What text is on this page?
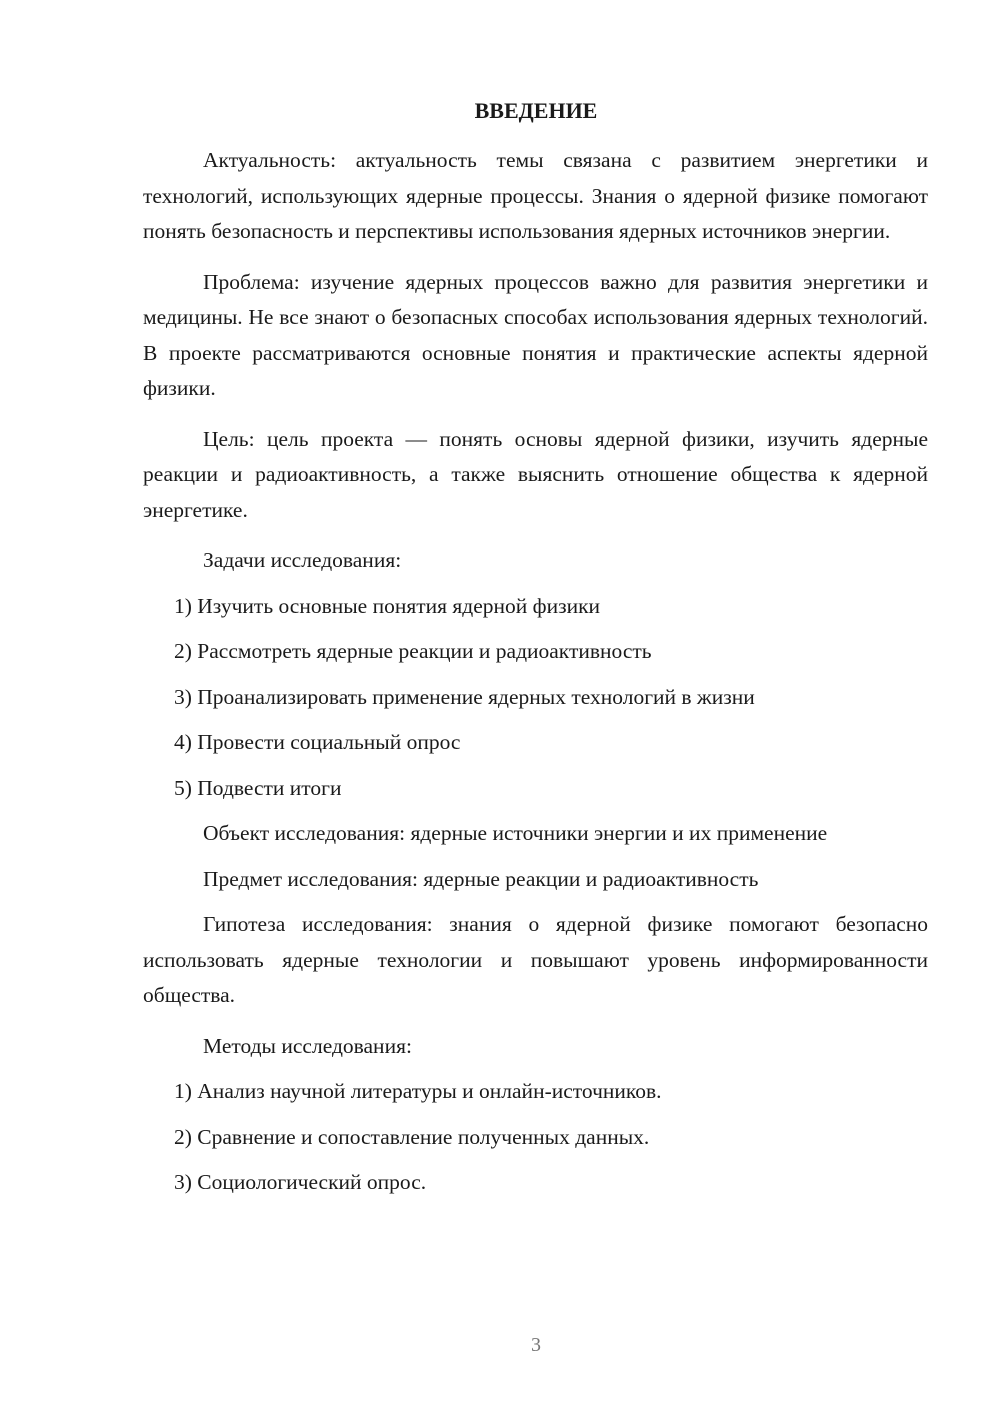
ВВЕДЕНИЕ

Актуальность: актуальность темы связана с развитием энергетики и технологий, использующих ядерные процессы. Знания о ядерной физике помогают понять безопасность и перспективы использования ядерных источников энергии.

Проблема: изучение ядерных процессов важно для развития энергетики и медицины. Не все знают о безопасных способах использования ядерных технологий. В проекте рассматриваются основные понятия и практические аспекты ядерной физики.

Цель: цель проекта — понять основы ядерной физики, изучить ядерные реакции и радиоактивность, а также выяснить отношение общества к ядерной энергетике.

Задачи исследования:

1) Изучить основные понятия ядерной физики

2) Рассмотреть ядерные реакции и радиоактивность

3) Проанализировать применение ядерных технологий в жизни

4) Провести социальный опрос

5) Подвести итоги

Объект исследования: ядерные источники энергии и их применение

Предмет исследования: ядерные реакции и радиоактивность

Гипотеза исследования: знания о ядерной физике помогают безопасно использовать ядерные технологии и повышают уровень информированности общества.

Методы исследования:

1) Анализ научной литературы и онлайн-источников.

2) Сравнение и сопоставление полученных данных.

3) Социологический опрос.

3
